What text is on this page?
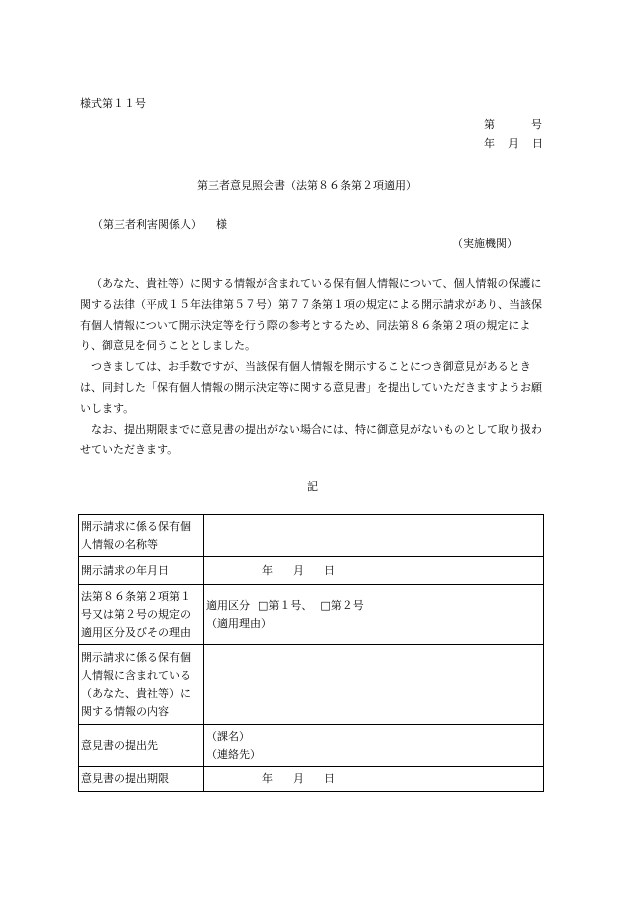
様式第１１号
第	号
年 月 日
第三者意見照会書（法第８６条第２項適用）
（第三者利害関係人） 様
（実施機関）

（あなた、貴社等）に関する情報が含まれている保有個人情報について、個人情報の保護に関する法律（平成１５年法律第５７号）第７７条第１項の規定による開示請求があり、当該保有個人情報について開示決定等を行う際の参考とするため、同法第８６条第２項の規定により、御意見を伺うこととしました。

つきましては、お手数ですが、当該保有個人情報を開示することにつき御意見があるときは、同封した「保有個人情報の開示決定等に関する意見書」を提出していただきますようお願いします。

なお、提出期限までに意見書の提出がない場合には、特に御意見がないものとして取り扱わせていただきます。

記
開示請求に係る保有個人情報の名称等	
開示請求の年月日	年 月 日
法第８６条第２項第１号又は第２号の規定の適用区分及びその理由	適用区分 □第１号、 □第２号
（適用理由）

開示請求に係る保有個人情報に含まれている（あなた、貴社等）に関する情報の内容	
意見書の提出先	（課名）
（連絡先）

意見書の提出期限	年 月 日
